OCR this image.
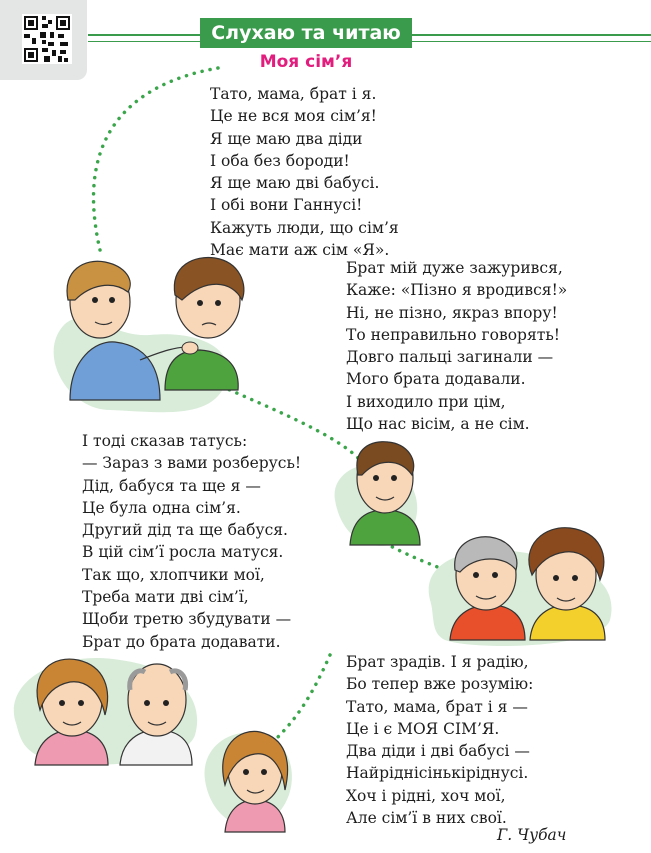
Слухаю та читаю
Моя сім’я
Тато, мама, брат і я.
Це не вся моя сім’я!
Я ще маю два діди
І оба без бороди!
Я ще маю дві бабусі.
І обі вони Ганнусі!
Кажуть люди, що сім’я
Має мати аж сім «Я».
Брат мій дуже зажурився,
Каже: «Пізно я вродився!»
Ні, не пізно, якраз впору!
То неправильно говорять!
Довго пальці загинали —
Мого брата додавали.
І виходило при цім,
Що нас вісім, а не сім.
І тоді сказав татусь:
— Зараз з вами розберусь!
Дід, бабуся та ще я —
Це була одна сім’я.
Другий дід та ще бабуся.
В цій сім’ї росла матуся.
Так що, хлопчики мої,
Треба мати дві сім’ї,
Щоби третю збудувати —
Брат до брата додавати.
Брат зрадів. І я радію,
Бо тепер вже розумію:
Тато, мама, брат і я —
Це і є МОЯ СІМ’Я.
Два діди і дві бабусі —
Найріднісінькіріднусі.
Хоч і рідні, хоч мої,
Але сім’ї в них свої.
Г. Чубач
